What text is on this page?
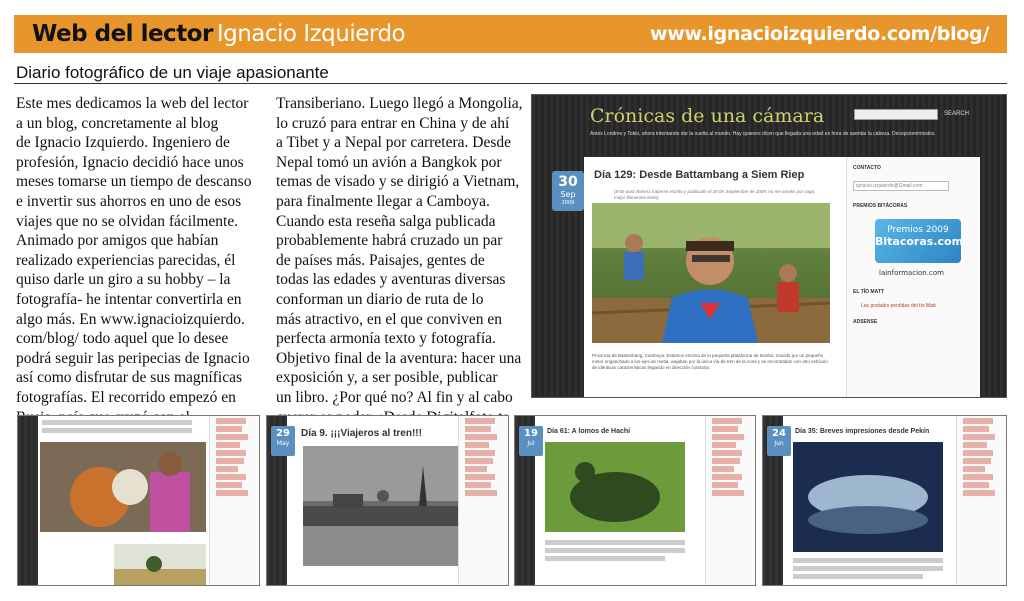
Web del lector Ignacio Izquierdo	www.ignacioizquierdo.com/blog/
Diario fotográfico de un viaje apasionante
Este mes dedicamos la web del lector
a un blog, concretamente al blog
de Ignacio Izquierdo. Ingeniero de
profesión, Ignacio decidió hace unos
meses tomarse un tiempo de descanso
e invertir sus ahorros en uno de esos
viajes que no se olvidan fácilmente.
Animado por amigos que habían
realizado experiencias parecidas, él
quiso darle un giro a su hobby – la
fotografía- he intentar convertirla en
algo más. En www.ignacioizquierdo.
com/blog/ todo aquel que lo desee
podrá seguir las peripecias de Ignacio
así como disfrutar de sus magníficas
fotografías. El recorrido empezó en
Transiberiano. Luego llegó a Mongolia,
lo cruzó para entrar en China y de ahí
a Tibet y a Nepal por carretera. Desde
Nepal tomó un avión a Bangkok por
temas de visado y se dirigió a Vietnam,
para finalmente llegar a Camboya.
Cuando esta reseña salga publicada
probablemente habrá cruzado un par
de países más. Paisajes, gentes de
todas las edades y aventuras diversas
conforman un diario de ruta de lo
más atractivo, en el que conviven en
perfecta armonía texto y fotografía.
Objetivo final de la aventura: hacer una
exposición y, a ser posible, publicar
un libro. ¿Por qué no? Al fin y al cabo
Crónicas de una cámara
Antes Londres y Tokio, ahora intentando dar la vuelta al mundo. Hay quienes dicen que llegada una edad es hora de asentar la cabeza. Decepcionémosles.
SEARCH
Día 129: Desde Battambang a Siem Riep
(Este post debería haberse escrito y publicado el 20 de Septiembre de 2009, no me toméis por vago, mejor llámenme lento)
Provincia de Battambang, Camboya. Estamos encima de la pequeña plataforma de bambú, movida por un pequeño motor enganchado a los ejes de metal, viajaban por la única vía de tren de la zona y se encontraban con otro vehículo de idénticas características llegando en dirección contraria.
30
Sep
2009
CONTACTO
ignacio.izquierdo@Gmail.com
PREMIOS BITÁCORAS
Premios 2009
Bitacoras.com
lainformacion.com
EL TÍO MATT
Las postales perdidas del tío Matt
ADSENSE
29
May
Día 9. ¡¡¡Viajeros al tren!!!	19
Jul
Día 61: A lomos de Hachi	24
Jun
Día 35: Breves impresiones desde Pekín
